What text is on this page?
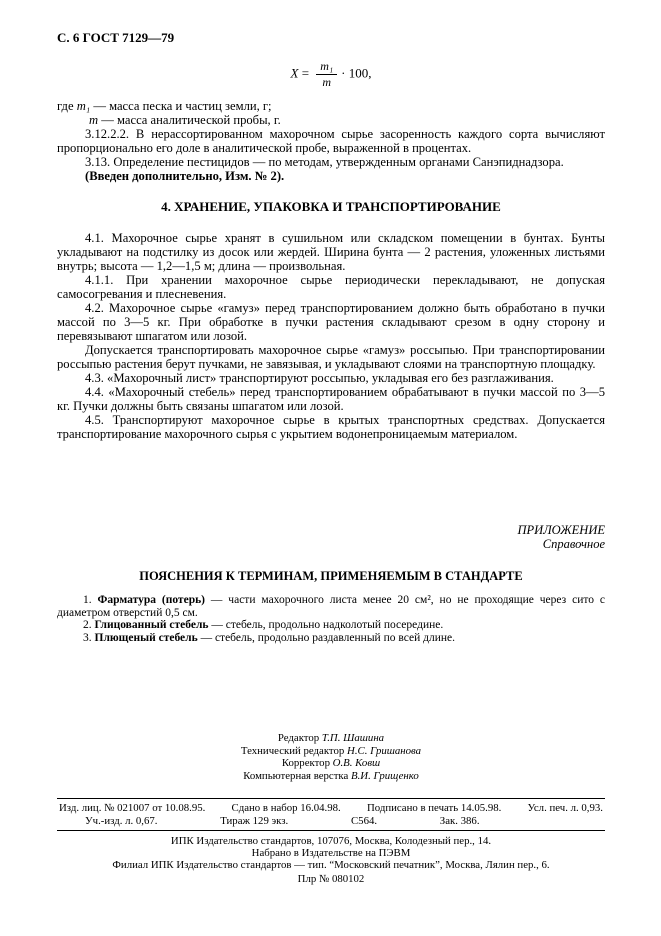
С. 6 ГОСТ 7129—79
$X = \frac{\text{m₁}}{m} \cdot 100$,

где m₁ — масса песка и частиц земли, г;

m — масса аналитической пробы, г.

3.12.2.2. В нерассортированном махорочном сырье засоренность каждого сорта вычисляют пропорционально его доле в аналитической пробе, выраженной в процентах.

3.13. Определение пестицидов — по методам, утвержденным органами Санэпиднадзора.

(Введен дополнительно, Изм. № 2).

4. ХРАНЕНИЕ, УПАКОВКА И ТРАНСПОРТИРОВАНИЕ

4.1. Махорочное сырье хранят в сушильном или складском помещении в бунтах. Бунты укладывают на подстилку из досок или жердей. Ширина бунта — 2 растения, уложенных листьями внутрь; высота — 1,2—1,5 м; длина — произвольная.

4.1.1. При хранении махорочное сырье периодически перекладывают, не допуская самосогревания и плесневения.

4.2. Махорочное сырье «гамуз» перед транспортированием должно быть обработано в пучки массой по 3—5 кг. При обработке в пучки растения складывают срезом в одну сторону и перевязывают шпагатом или лозой.

Допускается транспортировать махорочное сырье «гамуз» россыпью. При транспортировании россыпью растения берут пучками, не завязывая, и укладывают слоями на транспортную площадку.

4.3. «Махорочный лист» транспортируют россыпью, укладывая его без разглаживания.

4.4. «Махорочный стебель» перед транспортированием обрабатывают в пучки массой по 3—5 кг. Пучки должны быть связаны шпагатом или лозой.

4.5. Транспортируют махорочное сырье в крытых транспортных средствах. Допускается транспортирование махорочного сырья с укрытием водонепроницаемым материалом.

ПРИЛОЖЕНИЕ
Справочное
ПОЯСНЕНИЯ К ТЕРМИНАМ, ПРИМЕНЯЕМЫМ В СТАНДАРТЕ

1. Фарматура (потерь) — части махорочного листа менее 20 см², но не проходящие через сито с диаметром отверстий 0,5 см.

2. Глицованный стебель — стебель, продольно надколотый посередине.

3. Плющеный стебель — стебель, продольно раздавленный по всей длине.

Редактор Т.П. Шашина
Технический редактор Н.С. Гришанова
Корректор О.В. Ковш
Компьютерная верстка В.И. Грищенко
Изд. лиц. № 021007 от 10.08.95. Сдано в набор 16.04.98. Подписано в печать 14.05.98. Усл. печ. л. 0,93.
Уч.-изд. л. 0,67.	Тираж 129 экз.	С564.	Зак. 386.
ИПК Издательство стандартов, 107076, Москва, Колодезный пер., 14.
Набрано в Издательстве на ПЭВМ
Филиал ИПК Издательство стандартов — тип. “Московский печатник”, Москва, Лялин пер., 6.
Плр № 080102
